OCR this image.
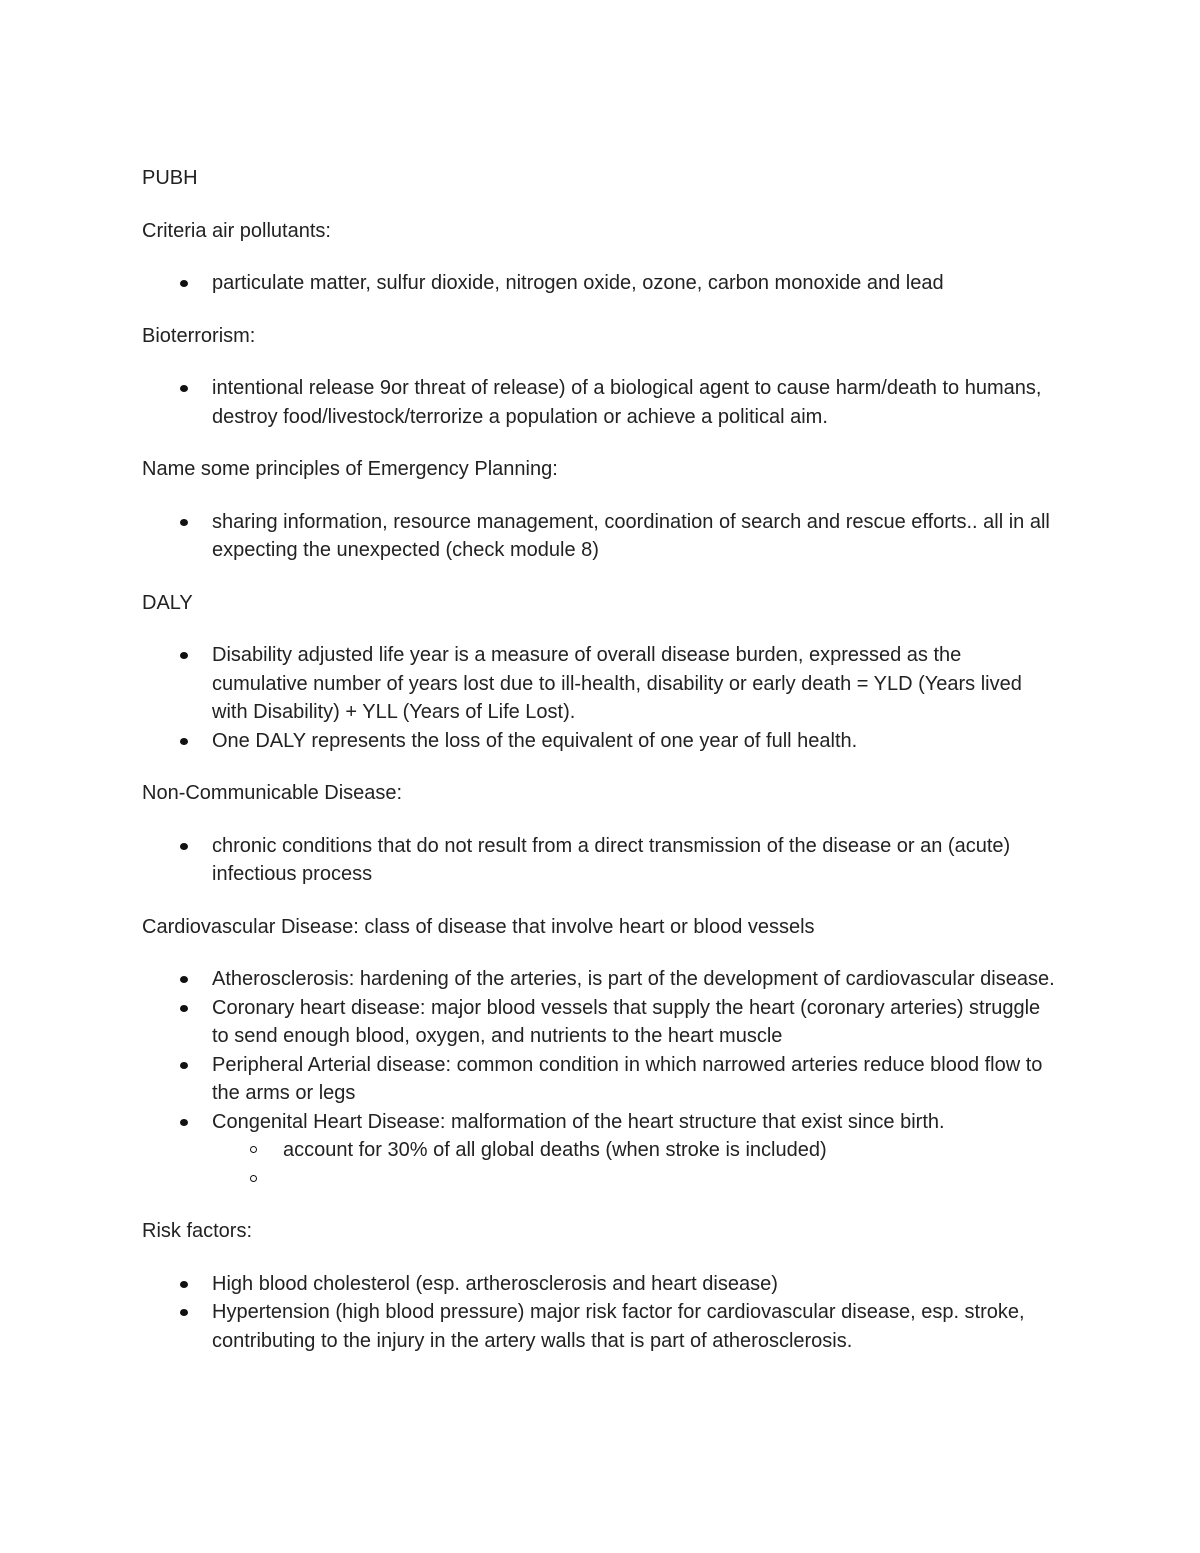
PUBH

Criteria air pollutants:

particulate matter, sulfur dioxide, nitrogen oxide, ozone, carbon monoxide and lead

Bioterrorism:

intentional release 9or threat of release) of a biological agent to cause harm/death to humans, destroy food/livestock/terrorize a population or achieve a political aim.

Name some principles of Emergency Planning:

sharing information, resource management, coordination of search and rescue efforts.. all in all expecting the unexpected (check module 8)

DALY

Disability adjusted life year is a measure of overall disease burden, expressed as the cumulative number of years lost due to ill-health, disability or early death = YLD (Years lived with Disability) + YLL (Years of Life Lost).
One DALY represents the loss of the equivalent of one year of full health.

Non-Communicable Disease:

chronic conditions that do not result from a direct transmission of the disease or an (acute) infectious process

Cardiovascular Disease: class of disease that involve heart or blood vessels

Atherosclerosis: hardening of the arteries, is part of the development of cardiovascular disease.
Coronary heart disease: major blood vessels that supply the heart (coronary arteries) struggle to send enough blood, oxygen, and nutrients to the heart muscle
Peripheral Arterial disease: common condition in which narrowed arteries reduce blood flow to the arms or legs
Congenital Heart Disease: malformation of the heart structure that exist since birth.
account for 30% of all global deaths (when stroke is included)

Risk factors:

High blood cholesterol (esp. artherosclerosis and heart disease)
Hypertension (high blood pressure) major risk factor for cardiovascular disease, esp. stroke, contributing to the injury in the artery walls that is part of atherosclerosis.
